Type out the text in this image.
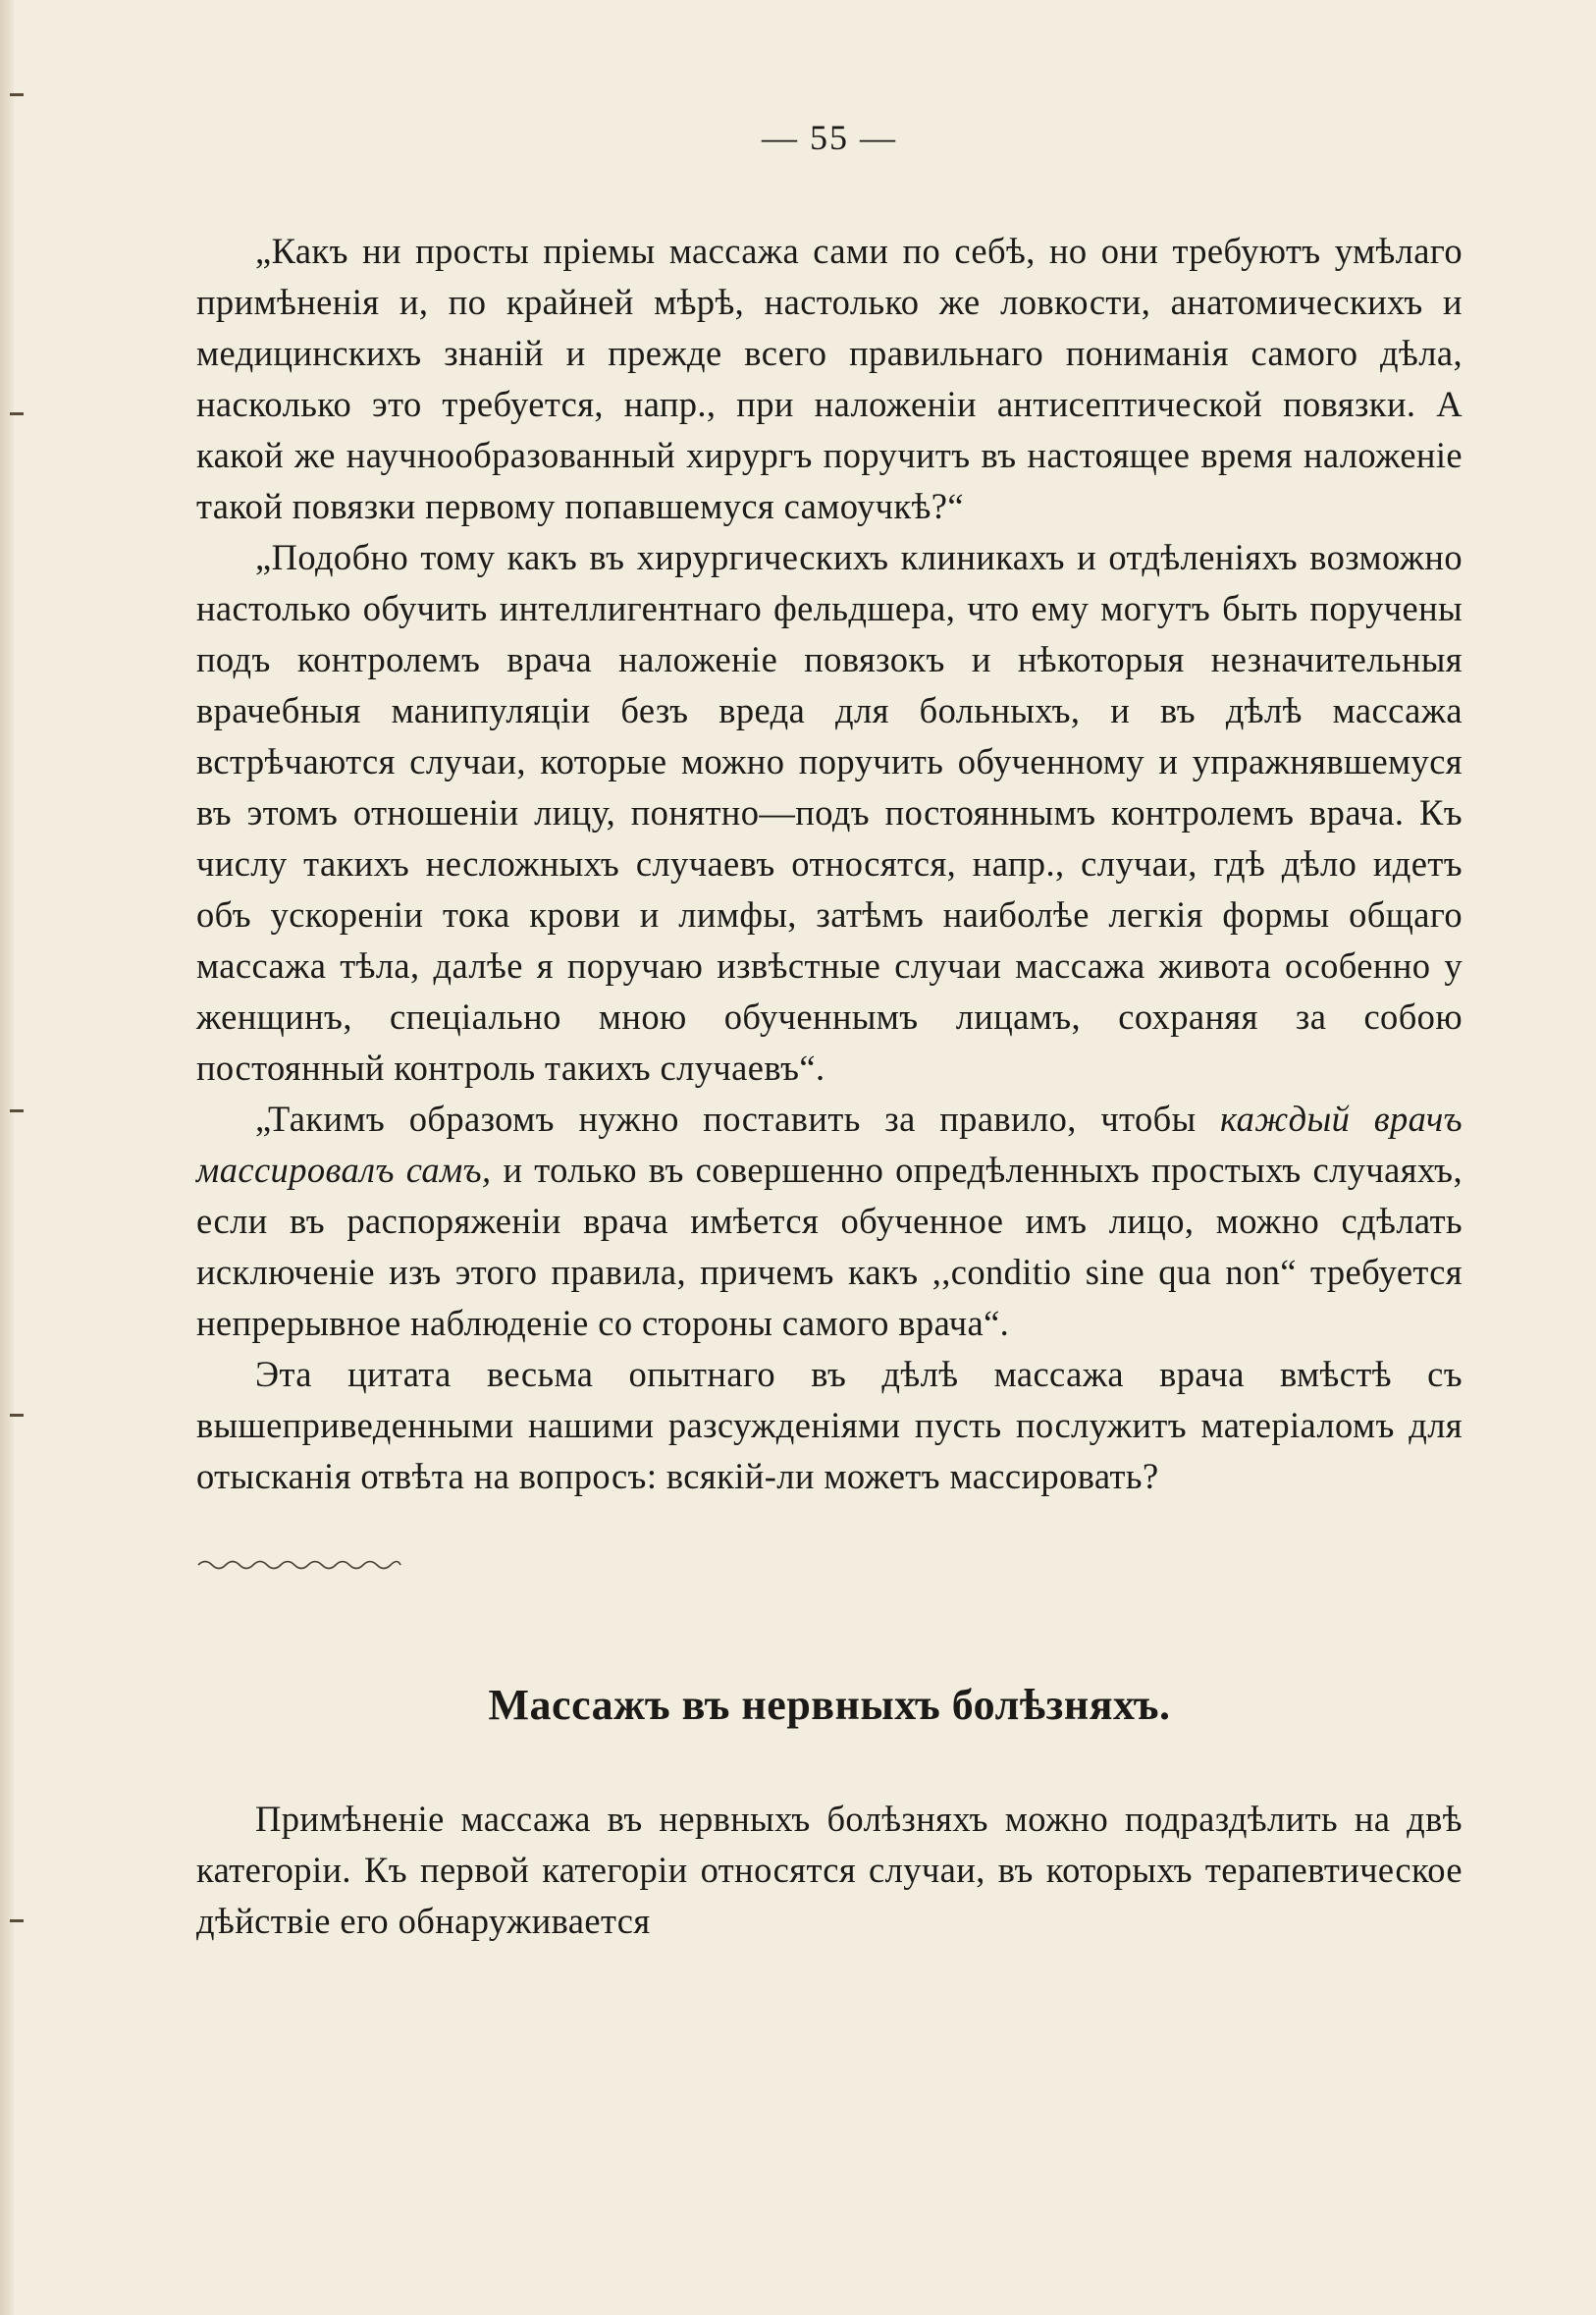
— 55 —

„Какъ ни просты пріемы массажа сами по себѣ, но они требуютъ умѣлаго примѣненія и, по крайней мѣрѣ, настолько же ловкости, анатомическихъ и медицинскихъ знаній и прежде всего правильнаго пониманія самого дѣла, насколько это требуется, напр., при наложеніи антисептической повязки. А какой же научнообразованный хирургъ поручитъ въ настоящее время наложеніе такой повязки первому попавшемуся самоучкѣ?“

„Подобно тому какъ въ хирургическихъ клиникахъ и отдѣленіяхъ возможно настолько обучить интеллигентнаго фельдшера, что ему могутъ быть поручены подъ контролемъ врача наложеніе повязокъ и нѣкоторыя незначительныя врачебныя манипуляціи безъ вреда для больныхъ, и въ дѣлѣ массажа встрѣчаются случаи, которые можно поручить обученному и упражнявшемуся въ этомъ отношеніи лицу, понятно—подъ постояннымъ контролемъ врача. Къ числу такихъ несложныхъ случаевъ относятся, напр., случаи, гдѣ дѣло идетъ объ ускореніи тока крови и лимфы, затѣмъ наиболѣе легкія формы общаго массажа тѣла, далѣе я поручаю извѣстные случаи массажа живота особенно у женщинъ, спеціально мною обученнымъ лицамъ, сохраняя за собою постоянный контроль такихъ случаевъ“.

„Такимъ образомъ нужно поставить за правило, чтобы каждый врачъ массировалъ самъ, и только въ совершенно опредѣленныхъ простыхъ случаяхъ, если въ распоряженіи врача имѣется обученное имъ лицо, можно сдѣлать исключеніе изъ этого правила, причемъ какъ ,,conditio sine qua non“ требуется непрерывное наблюденіе со стороны самого врача“.

Эта цитата весьма опытнаго въ дѣлѣ массажа врача вмѣстѣ съ вышеприведенными нашими разсужденіями пусть послужитъ матеріаломъ для отысканія отвѣта на вопросъ: всякій-ли можетъ массировать?

Массажъ въ нервныхъ болѣзняхъ.

Примѣненіе массажа въ нервныхъ болѣзняхъ можно подраздѣлить на двѣ категоріи. Къ первой категоріи относятся случаи, въ которыхъ терапевтическое дѣйствіе его обнаруживается
